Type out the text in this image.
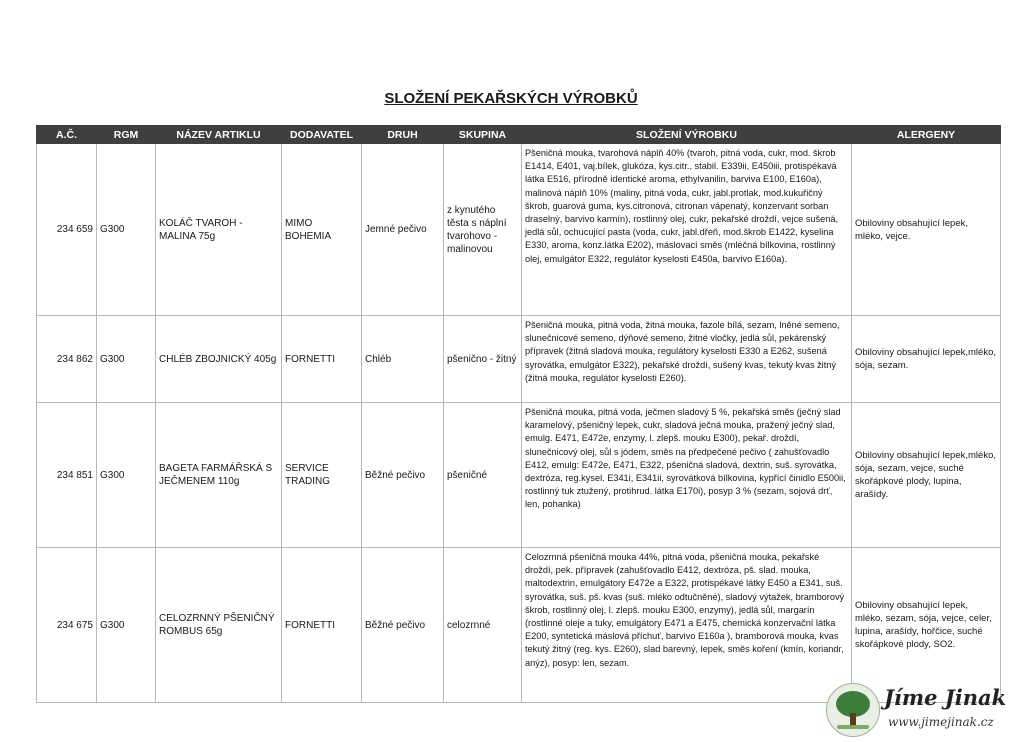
SLOŽENÍ PEKAŘSKÝCH VÝROBKŮ
A.Č.	RGM	NÁZEV ARTIKLU	DODAVATEL	DRUH	SKUPINA	SLOŽENÍ VÝROBKU	ALERGENY
234 659	G300	KOLÁČ TVAROH - MALINA 75g	MIMO BOHEMIA	Jemné pečivo	z kynutého těsta s náplní tvarohovo - malinovou	Pšeničná mouka, tvarohová náplň 40% (tvaroh, pitná voda, cukr, mod. škrob E1414, E401, vaj.bílek, glukóza, kys.citr., stabil. E339ii, E450iii, protispékavá látka E516, přírodně identické aroma, ethylvanilin, barviva E100, E160a), malinová náplň 10% (maliny, pitná voda, cukr, jabl.protlak, mod.kukuřičný škrob, guarová guma, kys.citronová, citronan vápenatý, konzervant sorban draselný, barvivo karmín), rostlinný olej, cukr, pekařské droždí, vejce sušená, jedlá sůl, ochucující pasta (voda, cukr, jabl.dřeň, mod.škrob E1422, kyselina E330, aroma, konz.látka E202), máslovací směs (mléčná bílkovina, rostlinný olej, emulgátor E322, regulátor kyselosti E450a, barvivo E160a).	Obiloviny obsahující lepek, mléko, vejce.
234 862	G300	CHLÉB ZBOJNICKÝ 405g	FORNETTI	Chléb	pšenično - žitný	Pšeničná mouka, pitná voda, žitná mouka, fazole bílá, sezam, lněné semeno, slunečnicové semeno, dýňové semeno, žitné vločky, jedlá sůl, pekárenský přípravek (žitná sladová mouka, regulátory kyselosti E330 a E262, sušená syrovátka, emulgátor E322), pekařské droždí, sušený kvas, tekutý kvas žitný (žitná mouka, regulátor kyselosti E260).	Obiloviny obsahující lepek,mléko, sója, sezam.
234 851	G300	BAGETA FARMÁŘSKÁ S JEČMENEM 110g	SERVICE TRADING	Běžné pečivo	pšeničné	Pšeničná mouka, pitná voda, ječmen sladový 5 %, pekařská směs (ječný slad karamelový, pšeničný lepek, cukr, sladová ječná mouka, pražený ječný slad, emulg. E471, E472e, enzymy, l. zlepš. mouku E300), pekař. droždí, slunečnicový olej, sůl s jódem, směs na předpečené pečivo ( zahušťovadlo E412, emulg: E472e, E471, E322, pšeničná sladová, dextrin, suš. syrovátka, dextróza, reg.kysel. E341i, E341ii, syrovátková bílkovina, kypřící činidlo E500ii, rostlinný tuk ztužený, protihrud. látka E170i), posyp 3 % (sezam, sojová drť, len, pohanka)	Obiloviny obsahující lepek,mléko, sója, sezam, vejce, suché skořápkové plody, lupina, arašídy.
234 675	G300	CELOZRNNÝ PŠENIČNÝ ROMBUS 65g	FORNETTI	Běžné pečivo	celozrnné	Celozrnná pšeničná mouka 44%, pitná voda, pšeničná mouka, pekařské droždí, pek. přípravek (zahušťovadlo E412, dextróza, pš. slad. mouka, maltodextrin, emulgátory E472e a E322, protispékavé látky E450 a E341, suš. syrovátka, suš. pš. kvas (suš. mléko odtučněné), sladový výtažek, bramborový škrob, rostlinný olej, l. zlepš. mouku E300, enzymy), jedlá sůl, margarín (rostlinné oleje a tuky, emulgátory E471 a E475, chemická konzervační látka E200, syntetická máslová příchuť, barvivo E160a ), bramborová mouka, kvas tekutý žitný (reg. kys. E260), slad barevný, lepek, směs koření (kmín, koriandr, anýz), posyp: len, sezam.	Obiloviny obsahující lepek, mléko, sezam, sója, vejce, celer, lupina, arašídy, hořčice, suché skořápkové plody, SO2.
Jíme Jinak
www.jimejinak.cz
